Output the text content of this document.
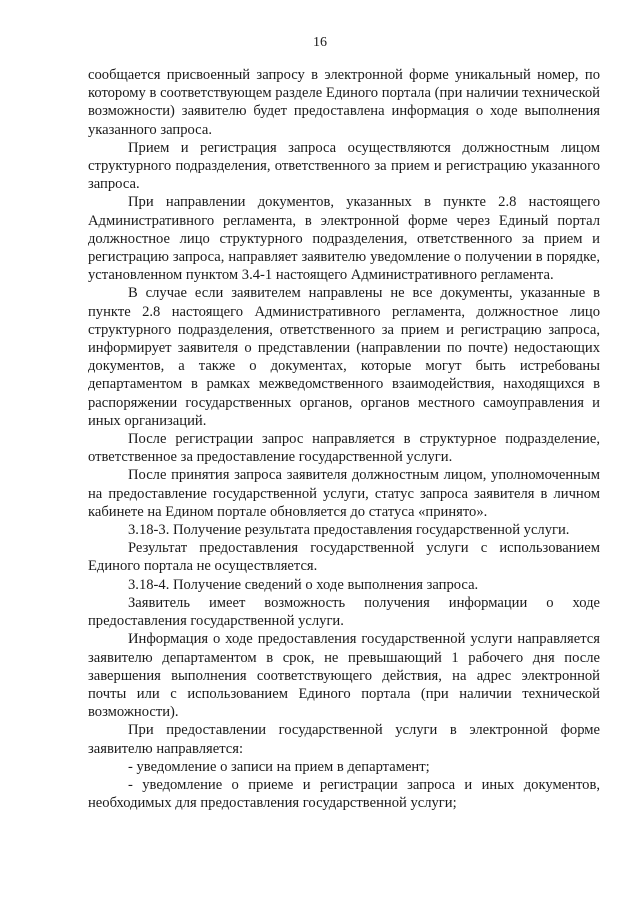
16

сообщается присвоенный запросу в электронной форме уникальный номер, по которому в соответствующем разделе Единого портала (при наличии технической возможности) заявителю будет предоставлена информация о ходе выполнения указанного запроса.

Прием и регистрация запроса осуществляются должностным лицом структурного подразделения, ответственного за прием и регистрацию указанного запроса.

При направлении документов, указанных в пункте 2.8 настоящего Административного регламента, в электронной форме через Единый портал должностное лицо структурного подразделения, ответственного за прием и регистрацию запроса, направляет заявителю уведомление о получении в порядке, установленном пунктом 3.4-1 настоящего Административного регламента.

В случае если заявителем направлены не все документы, указанные в пункте 2.8 настоящего Административного регламента, должностное лицо структурного подразделения, ответственного за прием и регистрацию запроса, информирует заявителя о представлении (направлении по почте) недостающих документов, а также о документах, которые могут быть истребованы департаментом в рамках межведомственного взаимодействия, находящихся в распоряжении государственных органов, органов местного самоуправления и иных организаций.

После регистрации запрос направляется в структурное подразделение, ответственное за предоставление государственной услуги.

После принятия запроса заявителя должностным лицом, уполномоченным на предоставление государственной услуги, статус запроса заявителя в личном кабинете на Едином портале обновляется до статуса «принято».

3.18-3. Получение результата предоставления государственной услуги.

Результат предоставления государственной услуги с использованием Единого портала не осуществляется.

3.18-4. Получение сведений о ходе выполнения запроса.

Заявитель имеет возможность получения информации о ходе предоставления государственной услуги.

Информация о ходе предоставления государственной услуги направляется заявителю департаментом в срок, не превышающий 1 рабочего дня после завершения выполнения соответствующего действия, на адрес электронной почты или с использованием Единого портала (при наличии технической возможности).

При предоставлении государственной услуги в электронной форме заявителю направляется:

- уведомление о записи на прием в департамент;

- уведомление о приеме и регистрации запроса и иных документов, необходимых для предоставления государственной услуги;
